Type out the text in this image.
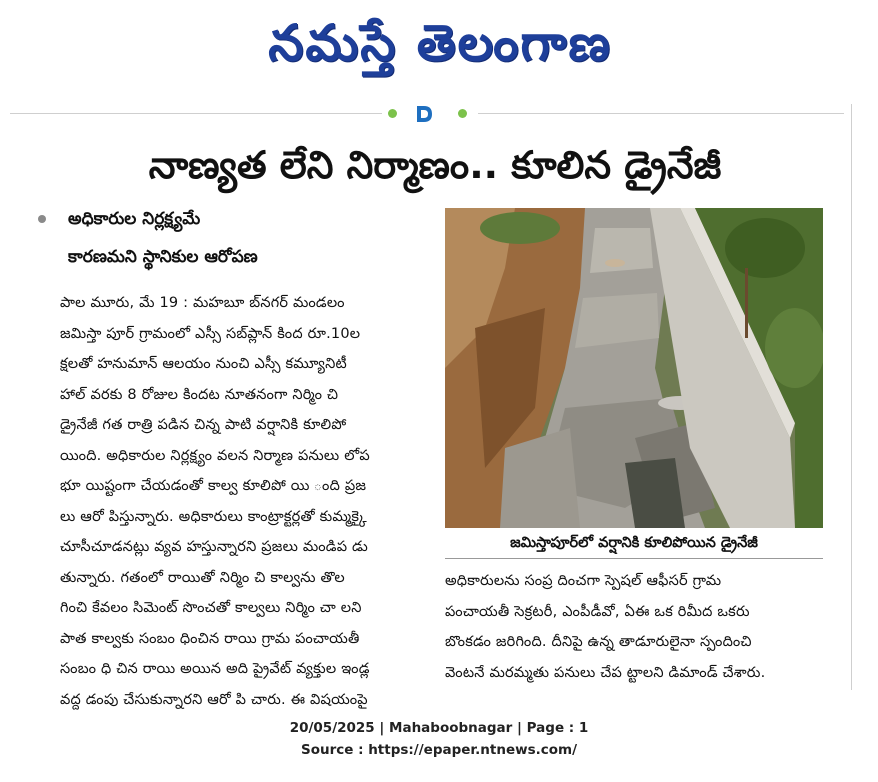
నమస్తే తెలంగాణ
నాణ్యత లేని నిర్మాణం.. కూలిన డ్రైనేజీ
అధికారుల నిర్లక్ష్యమే
కారణమని స్థానికుల ఆరోపణ
పాల మూరు, మే 19 : మహబూ బ్‌నగర్ మండలం
జమిస్తా పూర్ గ్రామంలో ఎస్సీ సబ్‌ప్లాన్ కింద రూ.10ల
క్షలతో హనుమాన్ ఆలయం నుంచి ఎస్సీ కమ్యూనిటీ
హాల్ వరకు 8 రోజుల కిందట నూతనంగా నిర్మిం చి
డ్రైనేజీ గత రాత్రి పడిన చిన్న పాటి వర్షానికి కూలిపో
యింది. అధికారుల నిర్లక్ష్యం వలన నిర్మాణ పనులు లోప
భూ యిష్టంగా చేయడంతో కాల్వ కూలిపో యి ంది ప్రజ
లు ఆరో పిస్తున్నారు. అధికారులు కాంట్రాక్టర్లతో కుమ్మక్కై
చూసీచూడనట్లు వ్యవ హస్తున్నారని ప్రజలు మండిప డు
తున్నారు. గతంలో రాయితో నిర్మిం చి కాల్వను తొల
గించి కేవలం సిమెంట్ సొంచతో కాల్వలు నిర్మిం చా లని
పాత కాల్వకు సంబం ధించిన రాయి గ్రామ పంచాయతీ
సంబం ధి చిన రాయి అయిన అది ప్రైవేట్ వ్యక్తుల ఇండ్ల
వద్ద డంపు చేసుకున్నారని ఆరో పి చారు. ఈ విషయంపై
జమిస్తాపూర్‌లో వర్షానికి కూలిపోయిన డ్రైనేజీ
అధికారులను సంప్ర దించగా స్పెషల్ ఆఫీసర్ గ్రామ
పంచాయతీ సెక్రటరీ, ఎంపీడీవో, ఏఈ ఒక రిమీద ఒకరు
బొంకడం జరిగింది. దీనిపై ఉన్న తాడూరులైనా స్పందించి
వెంటనే మరమ్మతు పనులు చేప ట్టాలని డిమాండ్ చేశారు.
20/05/2025 | Mahaboobnagar | Page : 1
Source : https://epaper.ntnews.com/
